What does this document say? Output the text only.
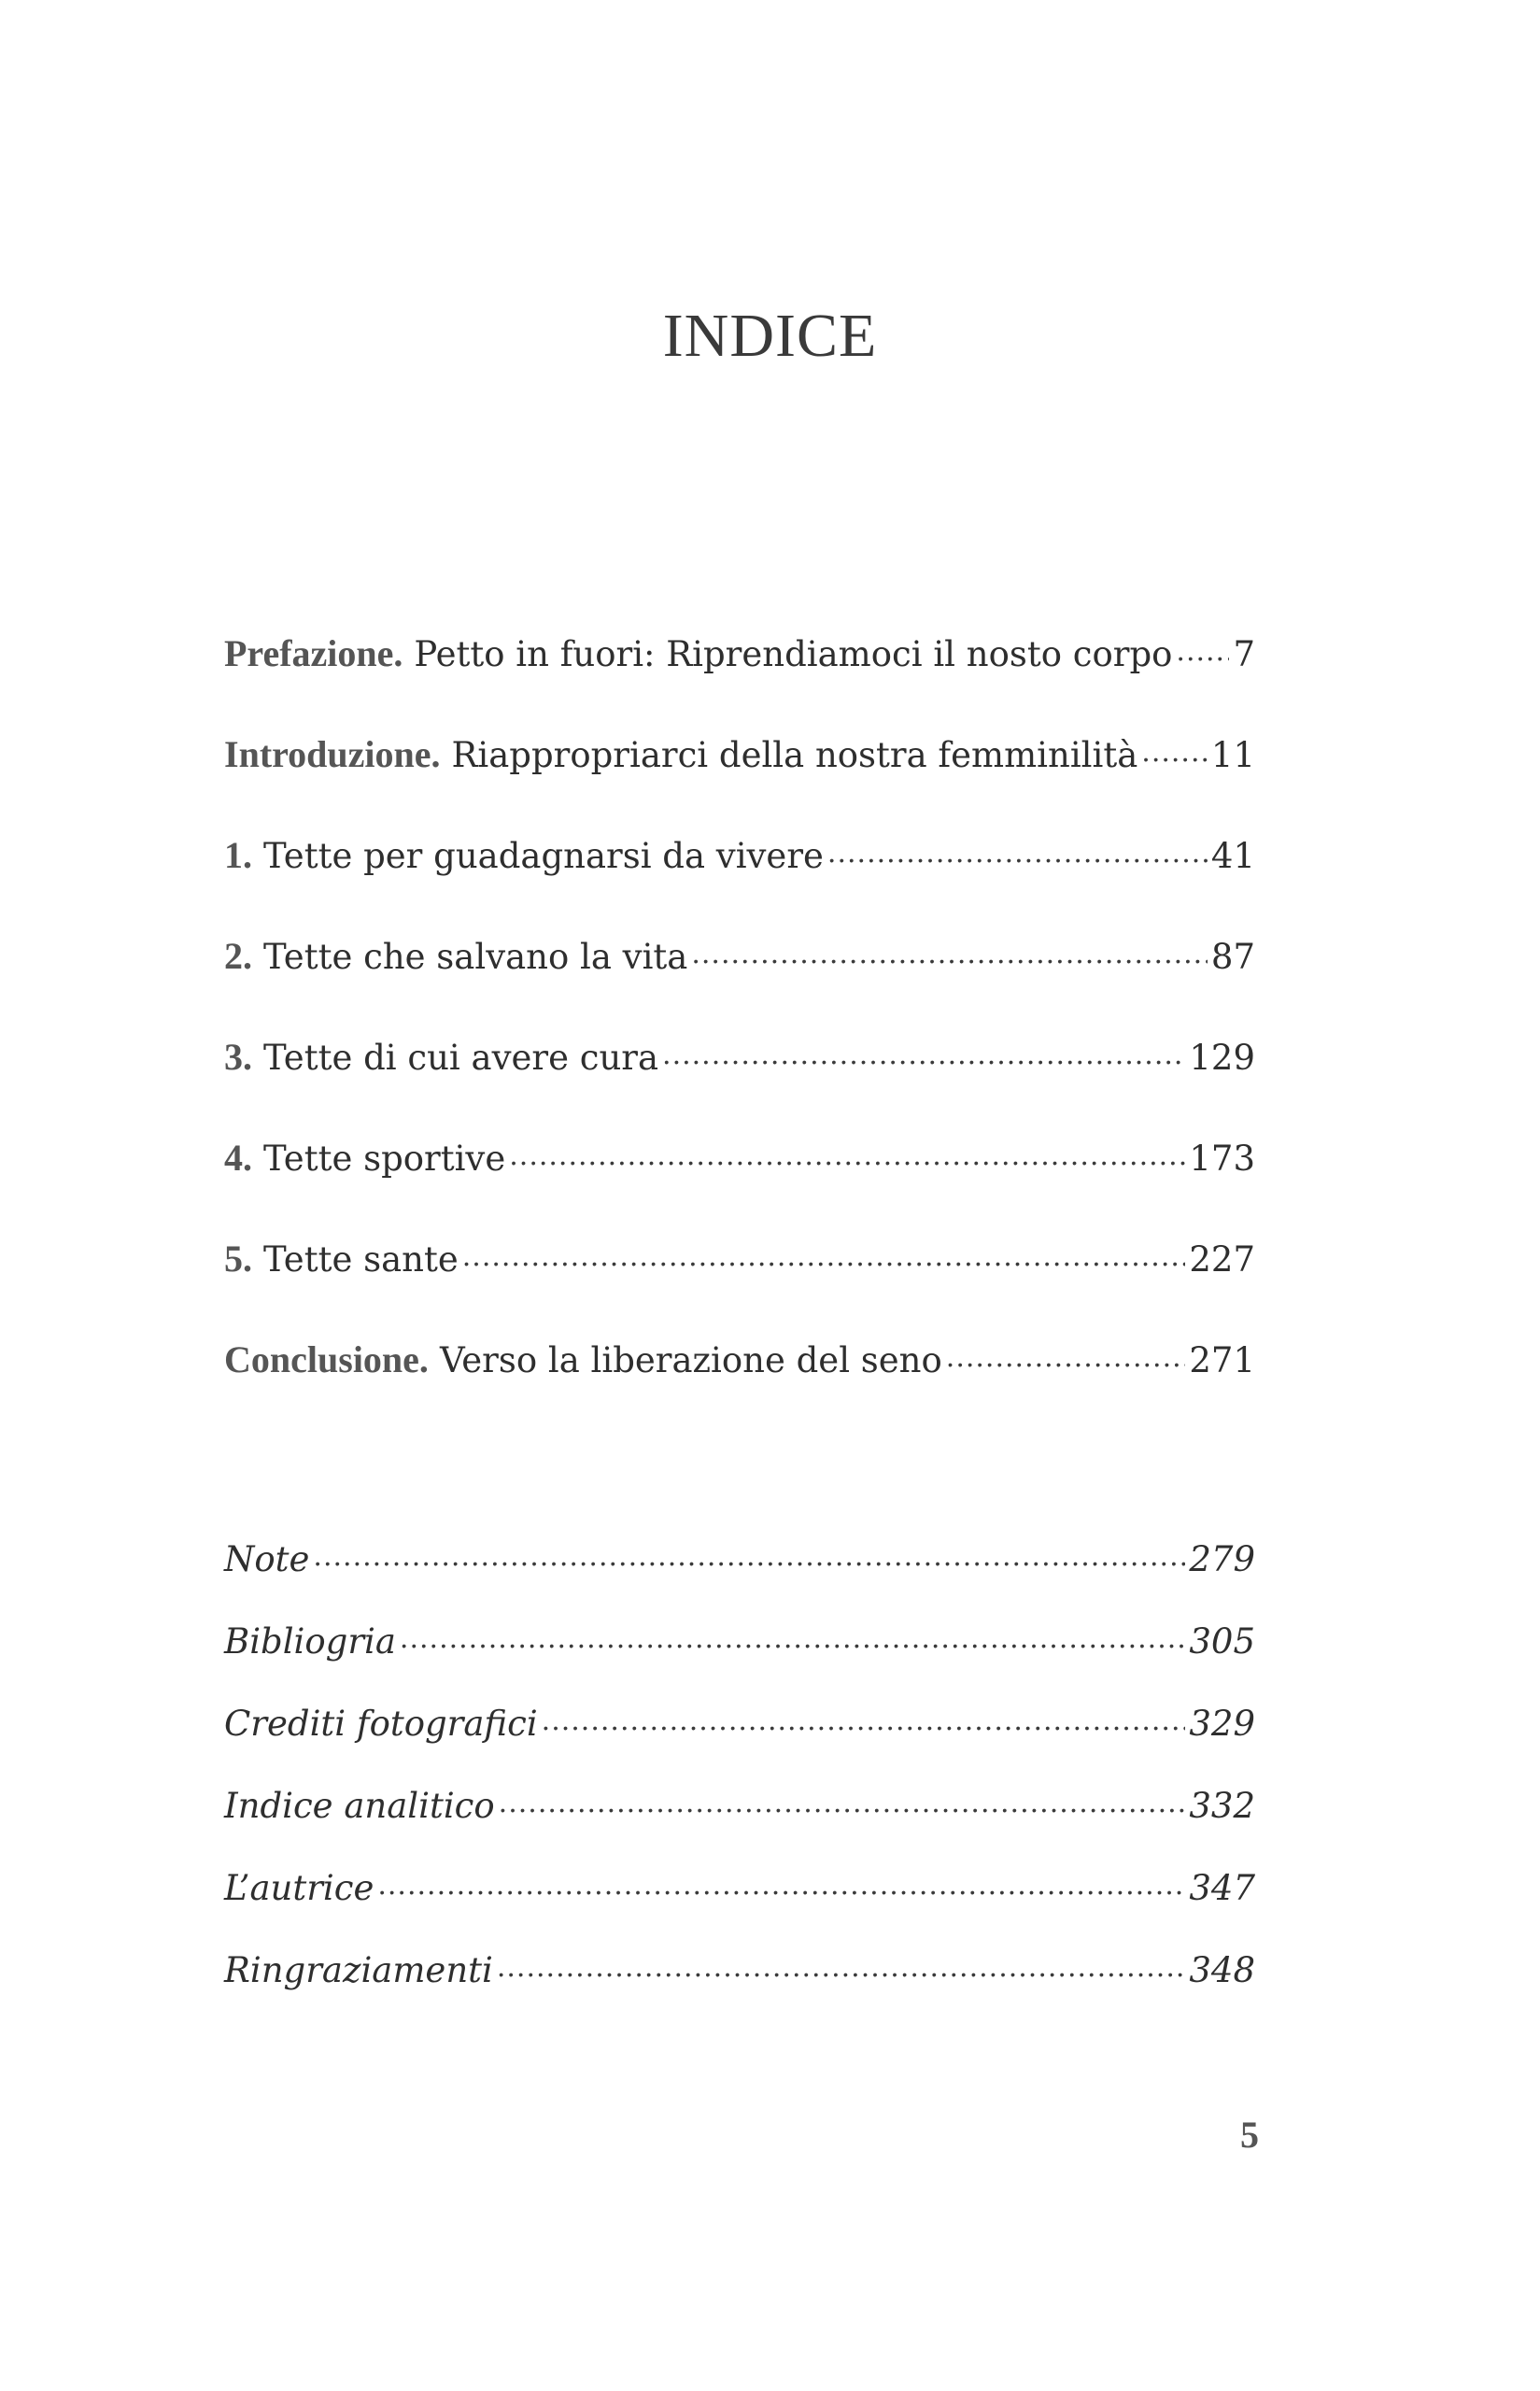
INDICE
Prefazione. Petto in fuori: Riprendiamoci il nosto corpo ..... 7
Introduzione. Riappropriarci della nostra femminilità ..... 11
1. Tette per guadagnarsi da vivere .....	41
2. Tette che salvano la vita .....	87
3. Tette di cui avere cura .....	129
4. Tette sportive .....	173
5. Tette sante .....	227
Conclusione. Verso la liberazione del seno .....	271
Note .....	279
Bibliogria .....	305
Crediti fotografici .....	329
Indice analitico .....	332
L’autrice .....	347
Ringraziamenti .....	348
5
